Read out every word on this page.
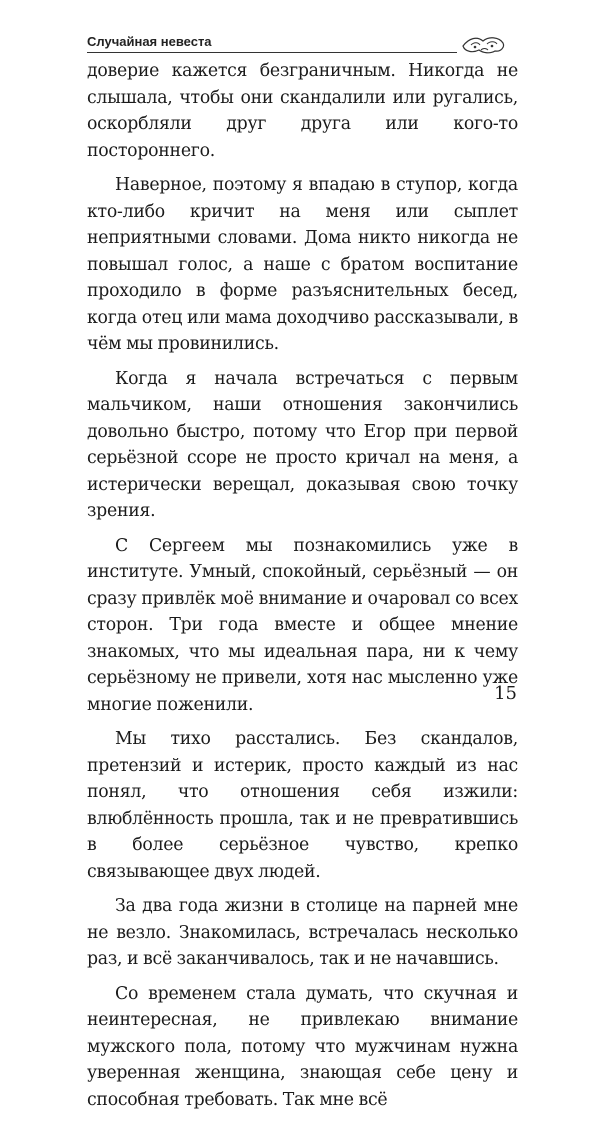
Случайная невеста

доверие кажется безграничным. Никогда не слышала, чтобы они скандалили или ругались, оскорбляли друг друга или кого-то постороннего.

Наверное, поэтому я впадаю в ступор, когда кто-либо кричит на меня или сыплет неприятными словами. Дома никто никогда не повышал голос, а наше с братом воспитание проходило в форме разъяснительных бесед, когда отец или мама доходчиво рассказывали, в чём мы провинились.

Когда я начала встречаться с первым мальчиком, наши отношения закончились довольно быстро, потому что Егор при первой серьёзной ссоре не просто кричал на меня, а истерически верещал, доказывая свою точку зрения.

С Сергеем мы познакомились уже в институте. Умный, спокойный, серьёзный — он сразу привлёк моё внимание и очаровал со всех сторон. Три года вместе и общее мнение знакомых, что мы идеальная пара, ни к чему серьёзному не привели, хотя нас мысленно уже многие поженили.

Мы тихо расстались. Без скандалов, претензий и истерик, просто каждый из нас понял, что отношения себя изжили: влюблённость прошла, так и не превратившись в более серьёзное чувство, крепко связывающее двух людей.

За два года жизни в столице на парней мне не везло. Знакомилась, встречалась несколько раз, и всё заканчивалось, так и не начавшись.

Со временем стала думать, что скучная и неинтересная, не привлекаю внимание мужского пола, потому что мужчинам нужна уверенная женщина, знающая себе цену и способная требовать. Так мне всё

15
